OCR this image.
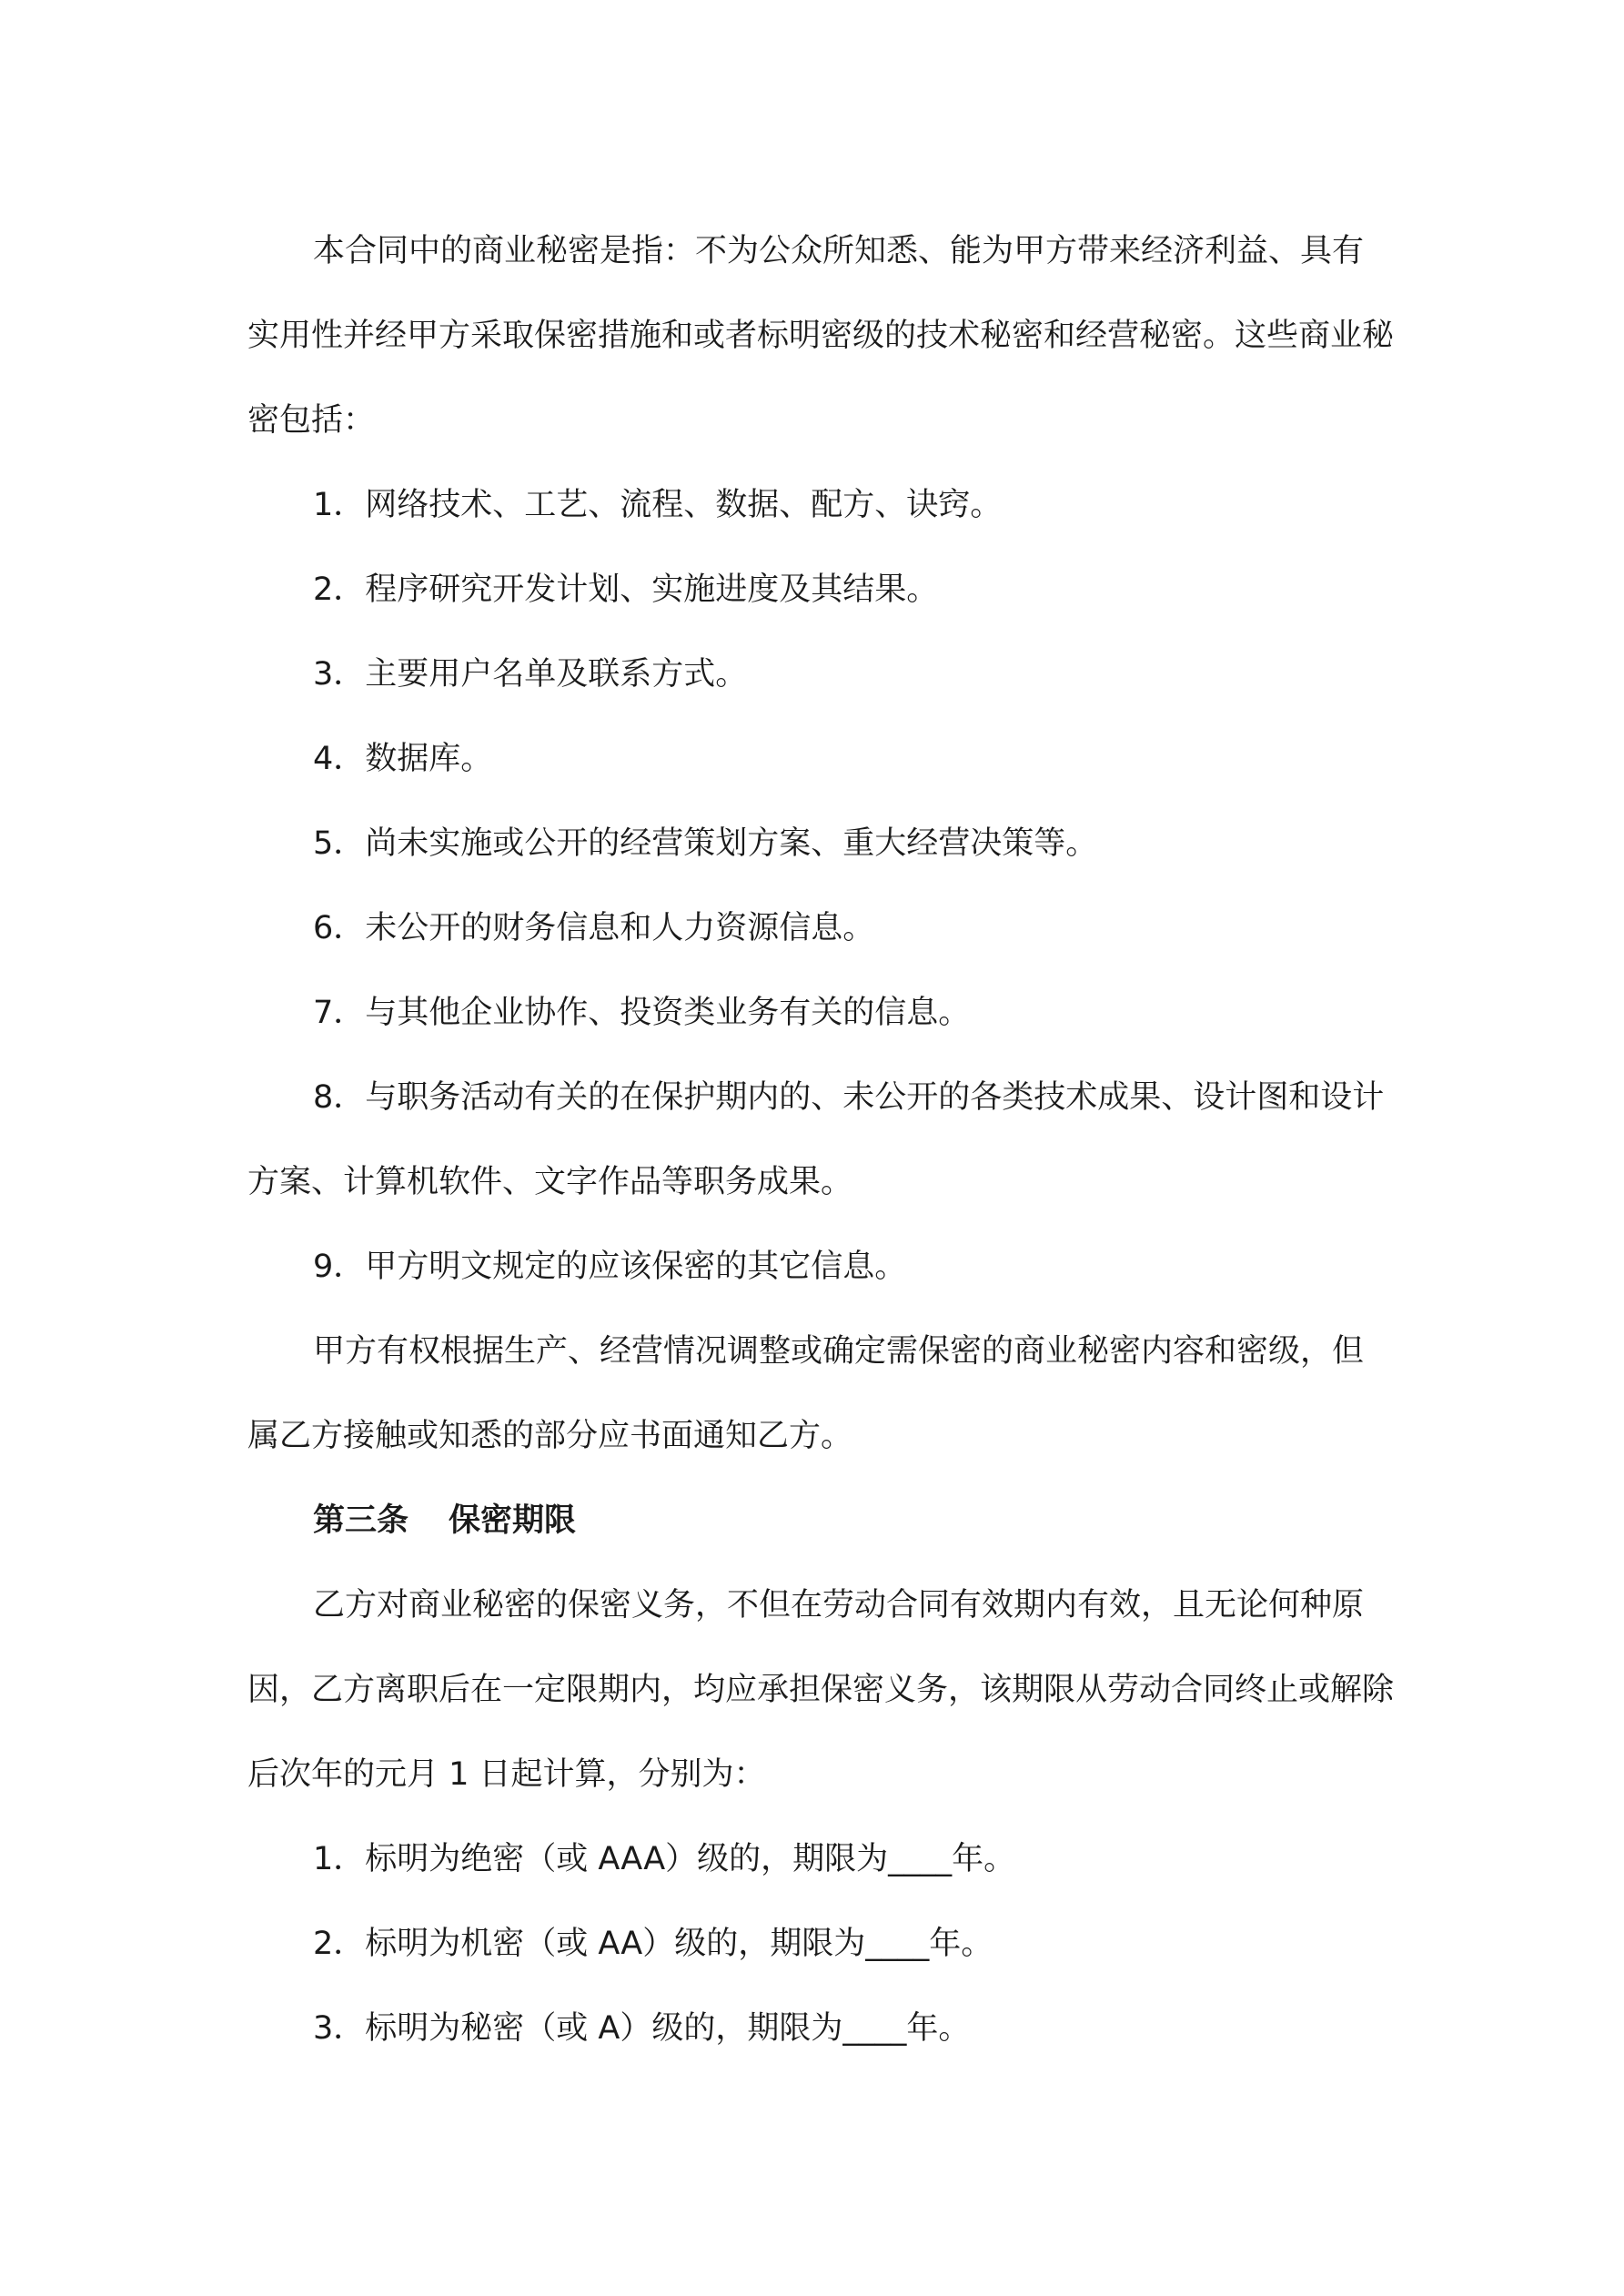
本合同中的商业秘密是指：不为公众所知悉、能为甲方带来经济利益、具有实用性并经甲方采取保密措施和或者标明密级的技术秘密和经营秘密。这些商业秘密包括：

1．网络技术、工艺、流程、数据、配方、诀窍。

2．程序研究开发计划、实施进度及其结果。

3．主要用户名单及联系方式。

4．数据库。

5．尚未实施或公开的经营策划方案、重大经营决策等。

6．未公开的财务信息和人力资源信息。

7．与其他企业协作、投资类业务有关的信息。

8．与职务活动有关的在保护期内的、未公开的各类技术成果、设计图和设计方案、计算机软件、文字作品等职务成果。

9．甲方明文规定的应该保密的其它信息。

甲方有权根据生产、经营情况调整或确定需保密的商业秘密内容和密级，但属乙方接触或知悉的部分应书面通知乙方。

第三条 保密期限

乙方对商业秘密的保密义务，不但在劳动合同有效期内有效，且无论何种原因，乙方离职后在一定限期内，均应承担保密义务，该期限从劳动合同终止或解除后次年的元月 1 日起计算，分别为：

1．标明为绝密（或 AAA）级的，期限为____年。

2．标明为机密（或 AA）级的，期限为____年。

3．标明为秘密（或 A）级的，期限为____年。
